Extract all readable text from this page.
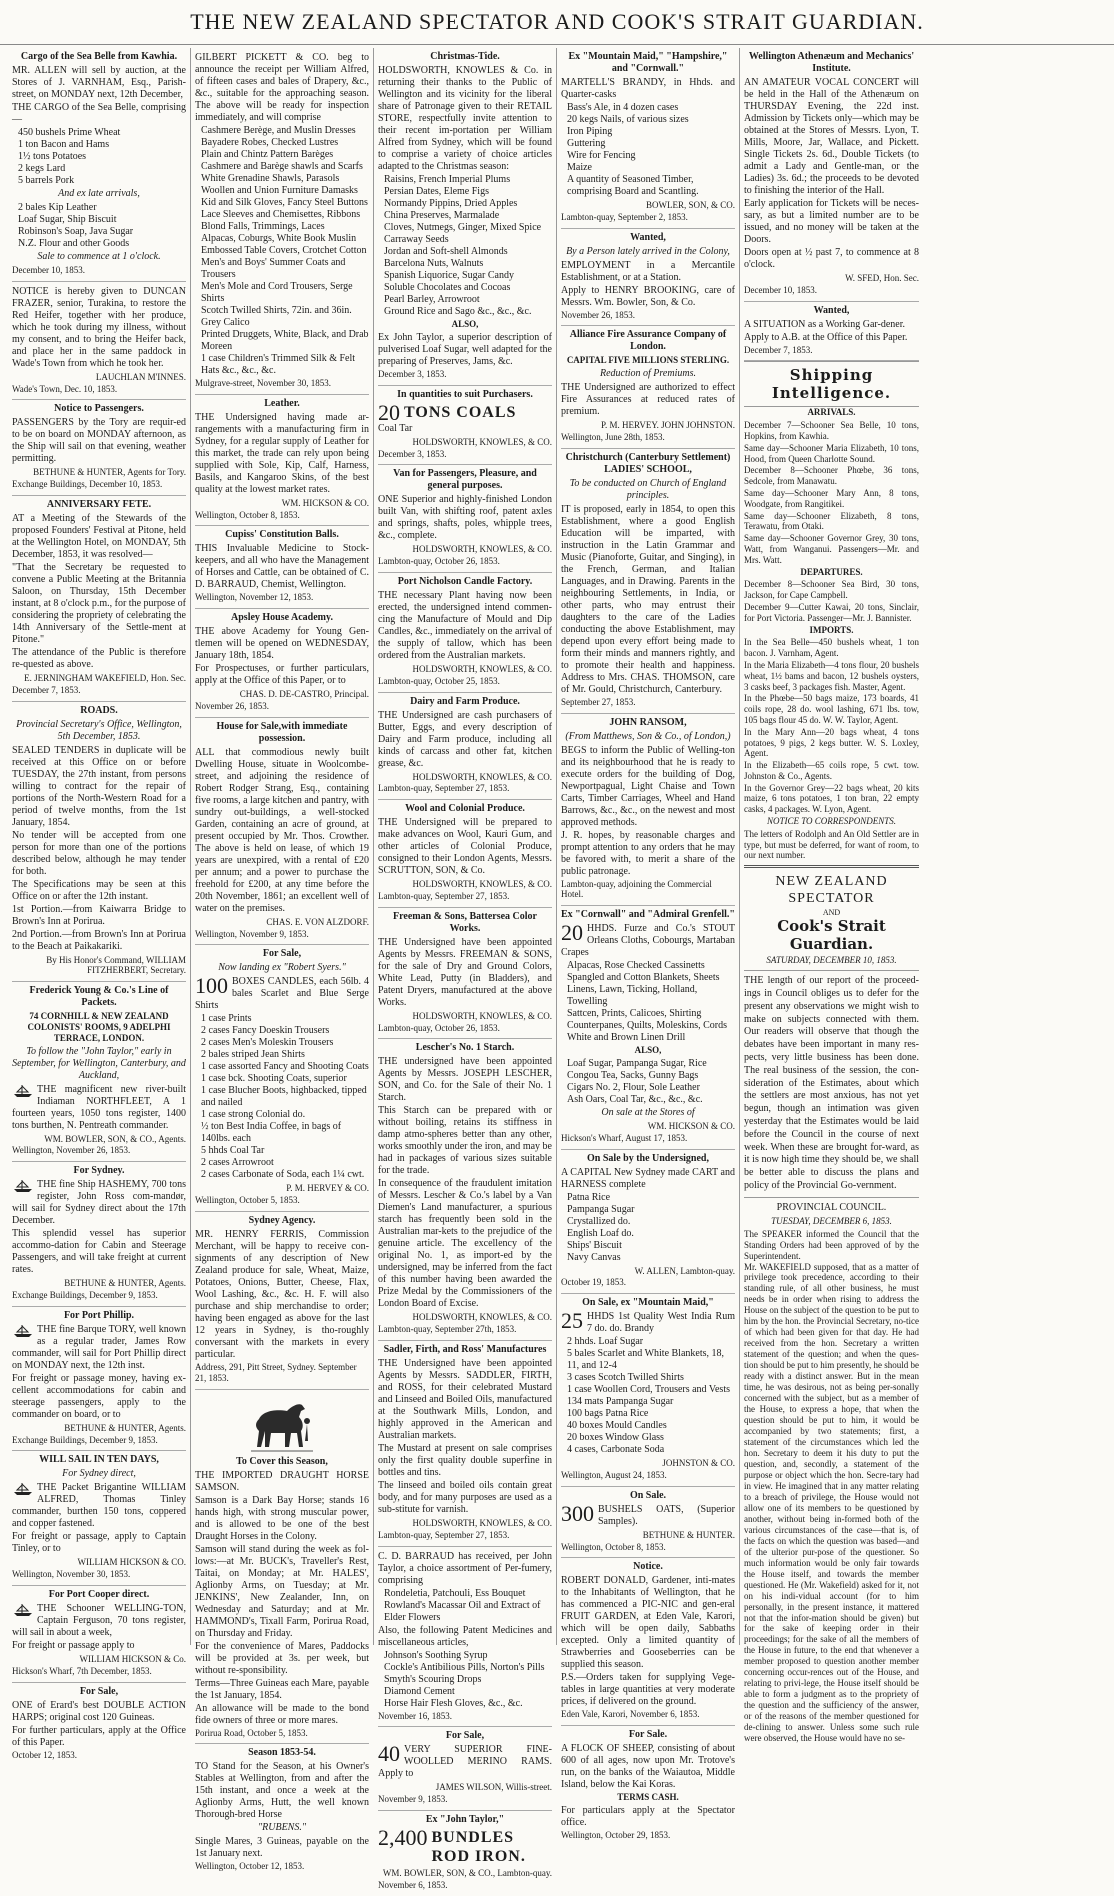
THE NEW ZEALAND SPECTATOR AND COOK'S STRAIT GUARDIAN.
Cargo of the Sea Belle from Kawhia.
MR. ALLEN will sell by auction, at the Stores of J. VARNHAM, Esq., Parish-street, on MONDAY next, 12th December,
THE CARGO of the Sea Belle, comprising—
450 bushels Prime Wheat
1 ton Bacon and Hams
1½ tons Potatoes
2 kegs Lard
5 barrels Pork
And ex late arrivals,
2 bales Kip Leather
Loaf Sugar, Ship Biscuit
Robinson's Soap, Java Sugar
N.Z. Flour and other Goods
Sale to commence at 1 o'clock.
December 10, 1853.
NOTICE is hereby given to DUNCAN FRAZER, senior, Turakina, to restore the Red Heifer, together with her produce, which he took during my illness, without my consent, and to bring the Heifer back, and place her in the same paddock in Wade's Town from which he took her.
LAUCHLAN M'INNES.
Wade's Town, Dec. 10, 1853.
Notice to Passengers.
PASSENGERS by the Tory are requir-ed to be on board on MONDAY afternoon, as the Ship will sail on that evening, weather permitting.
BETHUNE & HUNTER, Agents for Tory.
Exchange Buildings, December 10, 1853.
ANNIVERSARY FETE.
AT a Meeting of the Stewards of the proposed Founders' Festival at Pitone, held at the Wellington Hotel, on MONDAY, 5th December, 1853, it was resolved—
"That the Secretary be requested to convene a Public Meeting at the Britannia Saloon, on Thursday, 15th December instant, at 8 o'clock p.m., for the purpose of considering the propriety of celebrating the 14th Anniversary of the Settle-ment at Pitone."
The attendance of the Public is therefore re-quested as above.
E. JERNINGHAM WAKEFIELD, Hon. Sec.
December 7, 1853.
ROADS.
Provincial Secretary's Office, Wellington, 5th December, 1853.
SEALED TENDERS in duplicate will be received at this Office on or before TUESDAY, the 27th instant, from persons willing to contract for the repair of portions of the North-Western Road for a period of twelve months, from the 1st January, 1854.
No tender will be accepted from one person for more than one of the portions described below, although he may tender for both.
The Specifications may be seen at this Office on or after the 12th instant.
1st Portion.—from Kaiwarra Bridge to Brown's Inn at Porirua.
2nd Portion.—from Brown's Inn at Porirua to the Beach at Paikakariki.
By His Honor's Command, WILLIAM FITZHERBERT, Secretary.
Frederick Young & Co.'s Line of Packets.
74 CORNHILL & NEW ZEALAND COLONISTS' ROOMS, 9 ADELPHI TERRACE, LONDON.
To follow the "John Taylor," early in September, for Wellington, Canterbury, and Auckland,
THE magnificent new river-built Indiaman NORTHFLEET, A 1 fourteen years, 1050 tons register, 1400 tons burthen, N. Pentreath commander.
WM. BOWLER, SON, & CO., Agents.
Wellington, November 26, 1853.
For Sydney.
THE fine Ship HASHEMY, 700 tons register, John Ross com-mandør, will sail for Sydney direct about the 17th December.
This splendid vessel has superior accommo-dation for Cabin and Steerage Passengers, and will take freight at current rates.
BETHUNE & HUNTER, Agents.
Exchange Buildings, December 9, 1853.
For Port Phillip.
THE fine Barque TORY, well known as a regular trader, James Row commander, will sail for Port Phillip direct on MONDAY next, the 12th inst.
For freight or passage money, having ex-cellent accommodations for cabin and steerage passengers, apply to the commander on board, or to
BETHUNE & HUNTER, Agents.
Exchange Buildings, December 9, 1853.
WILL SAIL IN TEN DAYS,
For Sydney direct,
THE Packet Brigantine WILLIAM ALFRED, Thomas Tinley commander, burthen 150 tons, coppered and copper fastened.
For freight or passage, apply to Captain Tinley, or to
WILLIAM HICKSON & CO.
Wellington, November 30, 1853.
For Port Cooper direct.
THE Schooner WELLING-TON, Captain Ferguson, 70 tons register, will sail in about a week,
For freight or passage apply to
WILLIAM HICKSON & Co.
Hickson's Wharf, 7th December, 1853.
For Sale,
ONE of Erard's best DOUBLE ACTION HARPS; original cost 120 Guineas.
For further particulars, apply at the Office of this Paper.
October 12, 1853.
GILBERT PICKETT & CO. beg to announce the receipt per William Alfred, of fifteen cases and bales of Drapery, &c., &c., suitable for the approaching season. The above will be ready for inspection immediately, and will comprise
Cashmere Berège, and Muslin Dresses
Bayadere Robes, Checked Lustres
Plain and Chintz Pattern Barèges
Cashmere and Barège shawls and Scarfs
White Grenadine Shawls, Parasols
Woollen and Union Furniture Damasks
Kid and Silk Gloves, Fancy Steel Buttons
Lace Sleeves and Chemisettes, Ribbons
Blond Falls, Trimmings, Laces
Alpacas, Coburgs, White Book Muslin
Embossed Table Covers, Crotchet Cotton
Men's and Boys' Summer Coats and Trousers
Men's Mole and Cord Trousers, Serge Shirts
Scotch Twilled Shirts, 72in. and 36in. Grey Calico
Printed Druggets, White, Black, and Drab Moreen
1 case Children's Trimmed Silk & Felt Hats &c., &c., &c.
Mulgrave-street, November 30, 1853.
Leather.
THE Undersigned having made ar-rangements with a manufacturing firm in Sydney, for a regular supply of Leather for this market, the trade can rely upon being supplied with Sole, Kip, Calf, Harness, Basils, and Kangaroo Skins, of the best quality at the lowest market rates.
WM. HICKSON & CO.
Wellington, October 8, 1853.
Cupiss' Constitution Balls.
THIS Invaluable Medicine to Stock-keepers, and all who have the Management of Horses and Cattle, can be obtained of C. D. BARRAUD, Chemist, Wellington.
Wellington, November 12, 1853.
Apsley House Academy.
THE above Academy for Young Gen-tlemen will be opened on WEDNESDAY, January 18th, 1854.
For Prospectuses, or further particulars, apply at the Office of this Paper, or to
CHAS. D. DE-CASTRO, Principal.
November 26, 1853.
House for Sale,with immediate possession.
ALL that commodious newly built Dwelling House, situate in Woolcombe-street, and adjoining the residence of Robert Rodger Strang, Esq., containing five rooms, a large kitchen and pantry, with sundry out-buildings, a well-stocked Garden, containing an acre of ground, at present occupied by Mr. Thos. Crowther. The above is held on lease, of which 19 years are unexpired, with a rental of £20 per annum; and a power to purchase the freehold for £200, at any time before the 20th November, 1861; an excellent well of water on the premises.
CHAS. E. VON ALZDORF.
Wellington, November 9, 1853.
For Sale,
Now landing ex "Robert Syers."
100 BOXES CANDLES, each 56lb. 4 bales Scarlet and Blue Serge Shirts
1 case Prints
2 cases Fancy Doeskin Trousers
2 cases Men's Moleskin Trousers
2 bales striped Jean Shirts
1 case assorted Fancy and Shooting Coats
1 case bck. Shooting Coats, superior
1 case Blucher Boots, highbacked, tipped and nailed
1 case strong Colonial do.
½ ton Best India Coffee, in bags of 140lbs. each
5 hhds Coal Tar
2 cases Arrowroot
2 cases Carbonate of Soda, each 1¼ cwt.
P. M. HERVEY & CO.
Wellington, October 5, 1853.
Sydney Agency.
MR. HENRY FERRIS, Commission Merchant, will be happy to receive con-signments of any description of New Zealand produce for sale, Wheat, Maize, Potatoes, Onions, Butter, Cheese, Flax, Wool Lashing, &c., &c. H. F. will also purchase and ship merchandise to order; having been engaged as above for the last 12 years in Sydney, is tho-roughly conversant with the markets in every particular.
Address, 291, Pitt Street, Sydney. September 21, 1853.
To Cover this Season,
THE IMPORTED DRAUGHT HORSE SAMSON.
Samson is a Dark Bay Horse; stands 16 hands high, with strong muscular power, and is allowed to be one of the best Draught Horses in the Colony.
Samson will stand during the week as fol-lows:—at Mr. BUCK's, Traveller's Rest, Taitai, on Monday; at Mr. HALES', Aglionby Arms, on Tuesday; at Mr. JENKINS', New Zealander, Inn, on Wednesday and Saturday; and at Mr. HAMMOND's, Tixall Farm, Porirua Road, on Thursday and Friday.
For the convenience of Mares, Paddocks will be provided at 3s. per week, but without re-sponsibility.
Terms—Three Guineas each Mare, payable the 1st January, 1854.
An allowance will be made to the bond fide owners of three or more mares.
Porirua Road, October 5, 1853.
Season 1853-54.
TO Stand for the Season, at his Owner's Stables at Wellington, from and after the 15th instant, and once a week at the Aglionby Arms, Hutt, the well known Thorough-bred Horse
"RUBENS."
Single Mares, 3 Guineas, payable on the 1st January next.
Wellington, October 12, 1853.
Christmas-Tide.
HOLDSWORTH, KNOWLES & Co. in returning their thanks to the Public of Wellington and its vicinity for the liberal share of Patronage given to their RETAIL STORE, respectfully invite attention to their recent im-portation per William Alfred from Sydney, which will be found to comprise a variety of choice articles adapted to the Christmas season:
Raisins, French Imperial Plums
Persian Dates, Eleme Figs
Normandy Pippins, Dried Apples
China Preserves, Marmalade
Cloves, Nutmegs, Ginger, Mixed Spice
Carraway Seeds
Jordan and Soft-shell Almonds
Barcelona Nuts, Walnuts
Spanish Liquorice, Sugar Candy
Soluble Chocolates and Cocoas
Pearl Barley, Arrowroot
Ground Rice and Sago &c., &c., &c.
ALSO,
Ex John Taylor, a superior description of pulverised Loaf Sugar, well adapted for the preparing of Preserves, Jams, &c.
December 3, 1853.
In quantities to suit Purchasers.
20 TONS COALS
Coal Tar
HOLDSWORTH, KNOWLES, & CO.
December 3, 1853.
Van for Passengers, Pleasure, and general purposes.
ONE Superior and highly-finished London built Van, with shifting roof, patent axles and springs, shafts, poles, whipple trees, &c., complete.
HOLDSWORTH, KNOWLES, & CO.
Lambton-quay, October 26, 1853.
Port Nicholson Candle Factory.
THE necessary Plant having now been erected, the undersigned intend commen-cing the Manufacture of Mould and Dip Candles, &c., immediately on the arrival of the supply of tallow, which has been ordered from the Australian markets.
HOLDSWORTH, KNOWLES, & CO.
Lambton-quay, October 25, 1853.
Dairy and Farm Produce.
THE Undersigned are cash purchasers of Butter, Eggs, and every description of Dairy and Farm produce, including all kinds of carcass and other fat, kitchen grease, &c.
HOLDSWORTH, KNOWLES, & CO.
Lambton-quay, September 27, 1853.
Wool and Colonial Produce.
THE Undersigned will be prepared to make advances on Wool, Kauri Gum, and other articles of Colonial Produce, consigned to their London Agents, Messrs. SCRUTTON, SON, & Co.
HOLDSWORTH, KNOWLES, & CO.
Lambton-quay, September 27, 1853.
Freeman & Sons, Battersea Color Works.
THE Undersigned have been appointed Agents by Messrs. FREEMAN & SONS, for the sale of Dry and Ground Colors, White Lead, Putty (in Bladders), and Patent Dryers, manufactured at the above Works.
HOLDSWORTH, KNOWLES, & CO.
Lambton-quay, October 26, 1853.
Lescher's No. 1 Starch.
THE undersigned have been appointed Agents by Messrs. JOSEPH LESCHER, SON, and Co. for the Sale of their No. 1 Starch.
This Starch can be prepared with or without boiling, retains its stiffness in damp atmo-spheres better than any other, works smoothly under the iron, and may be had in packages of various sizes suitable for the trade.
In consequence of the fraudulent imitation of Messrs. Lescher & Co.'s label by a Van Diemen's Land manufacturer, a spurious starch has frequently been sold in the Australian mar-kets to the prejudice of the genuine article. The excellency of the original No. 1, as import-ed by the undersigned, may be inferred from the fact of this number having been awarded the Prize Medal by the Commissioners of the London Board of Excise.
HOLDSWORTH, KNOWLES, & CO.
Lambton-quay, September 27th, 1853.
Sadler, Firth, and Ross' Manufactures
THE Undersigned have been appointed Agents by Messrs. SADDLER, FIRTH, and ROSS, for their celebrated Mustard and Linseed and Boiled Oils, manufactured at the Southwark Mills, London, and highly approved in the American and Australian markets.
The Mustard at present on sale comprises only the first quality double superfine in bottles and tins.
The linseed and boiled oils contain great body, and for many purposes are used as a sub-stitute for varnish.
HOLDSWORTH, KNOWLES, & CO.
Lambton-quay, September 27, 1853.
C. D. BARRAUD has received, per John Taylor, a choice assortment of Per-fumery, comprising
Rondeletia, Patchouli, Ess Bouquet
Rowland's Macassar Oil and Extract of Elder Flowers
Also, the following Patent Medicines and miscellaneous articles,
Johnson's Soothing Syrup
Cockle's Antibilious Pills, Norton's Pills
Smyth's Scouring Drops
Diamond Cement
Horse Hair Flesh Gloves, &c., &c.
November 16, 1853.
For Sale,
40 VERY SUPERIOR FINE-WOOLLED MERINO RAMS. Apply to
JAMES WILSON, Willis-street.
November 9, 1853.
Ex "John Taylor,"
2,400 BUNDLES ROD IRON.
WM. BOWLER, SON, & CO., Lambton-quay.
November 6, 1853.
Ex "Mountain Maid," "Hampshire," and "Cornwall."
MARTELL'S BRANDY, in Hhds. and Quarter-casks
Bass's Ale, in 4 dozen cases
20 kegs Nails, of various sizes
Iron Piping
Guttering
Wire for Fencing
Maize
A quantity of Seasoned Timber, comprising Board and Scantling.
BOWLER, SON, & CO.
Lambton-quay, September 2, 1853.
Wanted,
By a Person lately arrived in the Colony,
EMPLOYMENT in a Mercantile Establishment, or at a Station.
Apply to HENRY BROOKING, care of Messrs. Wm. Bowler, Son, & Co.
November 26, 1853.
Alliance Fire Assurance Company of London.
CAPITAL FIVE MILLIONS STERLING.
Reduction of Premiums.
THE Undersigned are authorized to effect Fire Assurances at reduced rates of premium.
P. M. HERVEY. JOHN JOHNSTON.
Wellington, June 28th, 1853.
Christchurch (Canterbury Settlement) LADIES' SCHOOL,
To be conducted on Church of England principles.
IT is proposed, early in 1854, to open this Establishment, where a good English Education will be imparted, with instruction in the Latin Grammar and Music (Pianoforte, Guitar, and Singing), in the French, German, and Italian Languages, and in Drawing. Parents in the neighbouring Settlements, in India, or other parts, who may entrust their daughters to the care of the Ladies conducting the above Establishment, may depend upon every effort being made to form their minds and manners rightly, and to promote their health and happiness. Address to Mrs. CHAS. THOMSON, care of Mr. Gould, Christchurch, Canterbury.
September 27, 1853.
JOHN RANSOM,
(From Matthews, Son & Co., of London,)
BEGS to inform the Public of Welling-ton and its neighbourhood that he is ready to execute orders for the building of Dog, Newportpagual, Light Chaise and Town Carts, Timber Carriages, Wheel and Hand Barrows, &c., &c., on the newest and most approved methods.
J. R. hopes, by reasonable charges and prompt attention to any orders that he may be favored with, to merit a share of the public patronage.
Lambton-quay, adjoining the Commercial Hotel.
Ex "Cornwall" and "Admiral Grenfell."
20 HHDS. Furze and Co.'s STOUT Orleans Cloths, Cobourgs, Martaban Crapes
Alpacas, Rose Checked Cassinetts
Spangled and Cotton Blankets, Sheets
Linens, Lawn, Ticking, Holland, Towelling
Sattcen, Prints, Calicoes, Shirting
Counterpanes, Quilts, Moleskins, Cords
White and Brown Linen Drill
ALSO,
Loaf Sugar, Pampanga Sugar, Rice
Congou Tea, Sacks, Gunny Bags
Cigars No. 2, Flour, Sole Leather
Ash Oars, Coal Tar, &c., &c., &c.
On sale at the Stores of
WM. HICKSON & CO.
Hickson's Wharf, August 17, 1853.
On Sale by the Undersigned,
A CAPITAL New Sydney made CART and HARNESS complete
Patna Rice
Pampanga Sugar
Crystallized do.
English Loaf do.
Ships' Biscuit
Navy Canvas
W. ALLEN, Lambton-quay.
October 19, 1853.
On Sale, ex "Mountain Maid,"
25 HHDS 1st Quality West India Rum 7 do. do. Brandy
2 hhds. Loaf Sugar
5 bales Scarlet and White Blankets, 18, 11, and 12-4
3 cases Scotch Twilled Shirts
1 case Woollen Cord, Trousers and Vests
134 mats Pampanga Sugar
100 bags Patna Rice
40 boxes Mould Candles
20 boxes Window Glass
4 cases, Carbonate Soda
JOHNSTON & CO.
Wellington, August 24, 1853.
On Sale.
300 BUSHELS OATS, (Superior Samples).
BETHUNE & HUNTER.
Wellington, October 8, 1853.
Notice.
ROBERT DONALD, Gardener, inti-mates to the Inhabitants of Wellington, that he has commenced a PIC-NIC and gen-eral FRUIT GARDEN, at Eden Vale, Karori, which will be open daily, Sabbaths excepted. Only a limited quantity of Strawberries and Gooseberries can be supplied this season.
P.S.—Orders taken for supplying Vege-tables in large quantities at very moderate prices, if delivered on the ground.
Eden Vale, Karori, November 6, 1853.
For Sale.
A FLOCK OF SHEEP, consisting of about 600 of all ages, now upon Mr. Trotove's run, on the banks of the Waiautoa, Middle Island, below the Kai Koras.
TERMS CASH.
For particulars apply at the Spectator office.
Wellington, October 29, 1853.
Wellington Athenæum and Mechanics' Institute.
AN AMATEUR VOCAL CONCERT will be held in the Hall of the Athenæum on THURSDAY Evening, the 22d inst. Admission by Tickets only—which may be obtained at the Stores of Messrs. Lyon, T. Mills, Moore, Jar, Wallace, and Pickett. Single Tickets 2s. 6d., Double Tickets (to admit a Lady and Gentle-man, or the Ladies) 3s. 6d.; the proceeds to be devoted to finishing the interior of the Hall.
Early application for Tickets will be neces-sary, as but a limited number are to be issued, and no money will be taken at the Doors.
Doors open at ½ past 7, to commence at 8 o'clock.
W. SFED, Hon. Sec.
December 10, 1853.
Wanted,
A SITUATION as a Working Gar-dener.
Apply to A.B. at the Office of this Paper.
December 7, 1853.
Shipping Intelligence.
ARRIVALS.
December 7—Schooner Sea Belle, 10 tons, Hopkins, from Kawhia.
Same day—Schooner Maria Elizabeth, 10 tons, Hood, from Queen Charlotte Sound.
December 8—Schooner Phœbe, 36 tons, Sedcole, from Manawatu.
Same day—Schooner Mary Ann, 8 tons, Woodgate, from Rangitikei.
Same day—Schooner Elizabeth, 8 tons, Terawatu, from Otaki.
Same day—Schooner Governor Grey, 30 tons, Watt, from Wanganui. Passengers—Mr. and Mrs. Watt.
DEPARTURES.
December 8—Schooner Sea Bird, 30 tons, Jackson, for Cape Campbell.
December 9—Cutter Kawai, 20 tons, Sinclair, for Port Victoria. Passenger—Mr. J. Bannister.
IMPORTS.
In the Sea Belle—450 bushels wheat, 1 ton bacon. J. Varnham, Agent.
In the Maria Elizabeth—4 tons flour, 20 bushels wheat, 1½ bams and bacon, 12 bushels oysters, 3 casks beef, 3 packages fish. Master, Agent.
In the Phœbe—50 bags maize, 173 boards, 41 coils rope, 28 do. wool lashing, 671 lbs. tow, 105 bags flour 45 do. W. W. Taylor, Agent.
In the Mary Ann—20 bags wheat, 4 tons potatoes, 9 pigs, 2 kegs butter. W. S. Loxley, Agent.
In the Elizabeth—65 coils rope, 5 cwt. tow. Johnston & Co., Agents.
In the Governor Grey—22 bags wheat, 20 kits maize, 6 tons potatoes, 1 ton bran, 22 empty casks, 4 packages. W. Lyon, Agent.
NOTICE TO CORRESPONDENTS.
The letters of Rodolph and An Old Settler are in type, but must be deferred, for want of room, to our next number.
NEW ZEALAND SPECTATOR
AND
Cook's Strait Guardian.
SATURDAY, DECEMBER 10, 1853.
THE length of our report of the proceed-ings in Council obliges us to defer for the present any observations we might wish to make on subjects connected with them. Our readers will observe that though the debates have been important in many res-pects, very little business has been done. The real business of the session, the con-sideration of the Estimates, about which the settlers are most anxious, has not yet begun, though an intimation was given yesterday that the Estimates would be laid before the Council in the course of next week. When these are brought for-ward, as it is now high time they should be, we shall be better able to discuss the plans and policy of the Provincial Go-vernment.
PROVINCIAL COUNCIL.
TUESDAY, DECEMBER 6, 1853.
The SPEAKER informed the Council that the Standing Orders had been approved of by the Superintendent.
Mr. WAKEFIELD supposed, that as a matter of privilege took precedence, according to their standing rule, of all other business, he must needs be in order when rising to address the House on the subject of the question to be put to him by the hon. the Provincial Secretary, no-tice of which had been given for that day. He had received from the hon. Secretary a written statement of the question; and when the ques-tion should be put to him presently, he should be ready with a distinct answer. But in the mean time, he was desirous, not as being per-sonally concerned with the subject, but as a member of the House, to express a hope, that when the question should be put to him, it would be accompanied by two statements; first, a statement of the circumstances which led the hon. Secretary to deem it his duty to put the question, and, secondly, a statement of the purpose or object which the hon. Secre-tary had in view. He imagined that in any matter relating to a breach of privilege, the House would not allow one of its members to be questioned by another, without being in-formed both of the various circumstances of the case—that is, of the facts on which the question was based—and of the ulterior pur-pose of the questioner. So much information would be only fair towards the House itself, and towards the member questioned. He (Mr. Wakefield) asked for it, not on his indi-vidual account (for to him personally, in the present instance, it mattered not that the infor-mation should be given) but for the sake of keeping order in their proceedings; for the sake of all the members of the House in future, to the end that whenever a member proposed to question another member concerning occur-rences out of the House, and relating to privi-lege, the House itself should be able to form a judgment as to the propriety of the question and the sufficiency of the answer, or of the reasons of the member questioned for de-clining to answer. Unless some such rule were observed, the House would have no se-
